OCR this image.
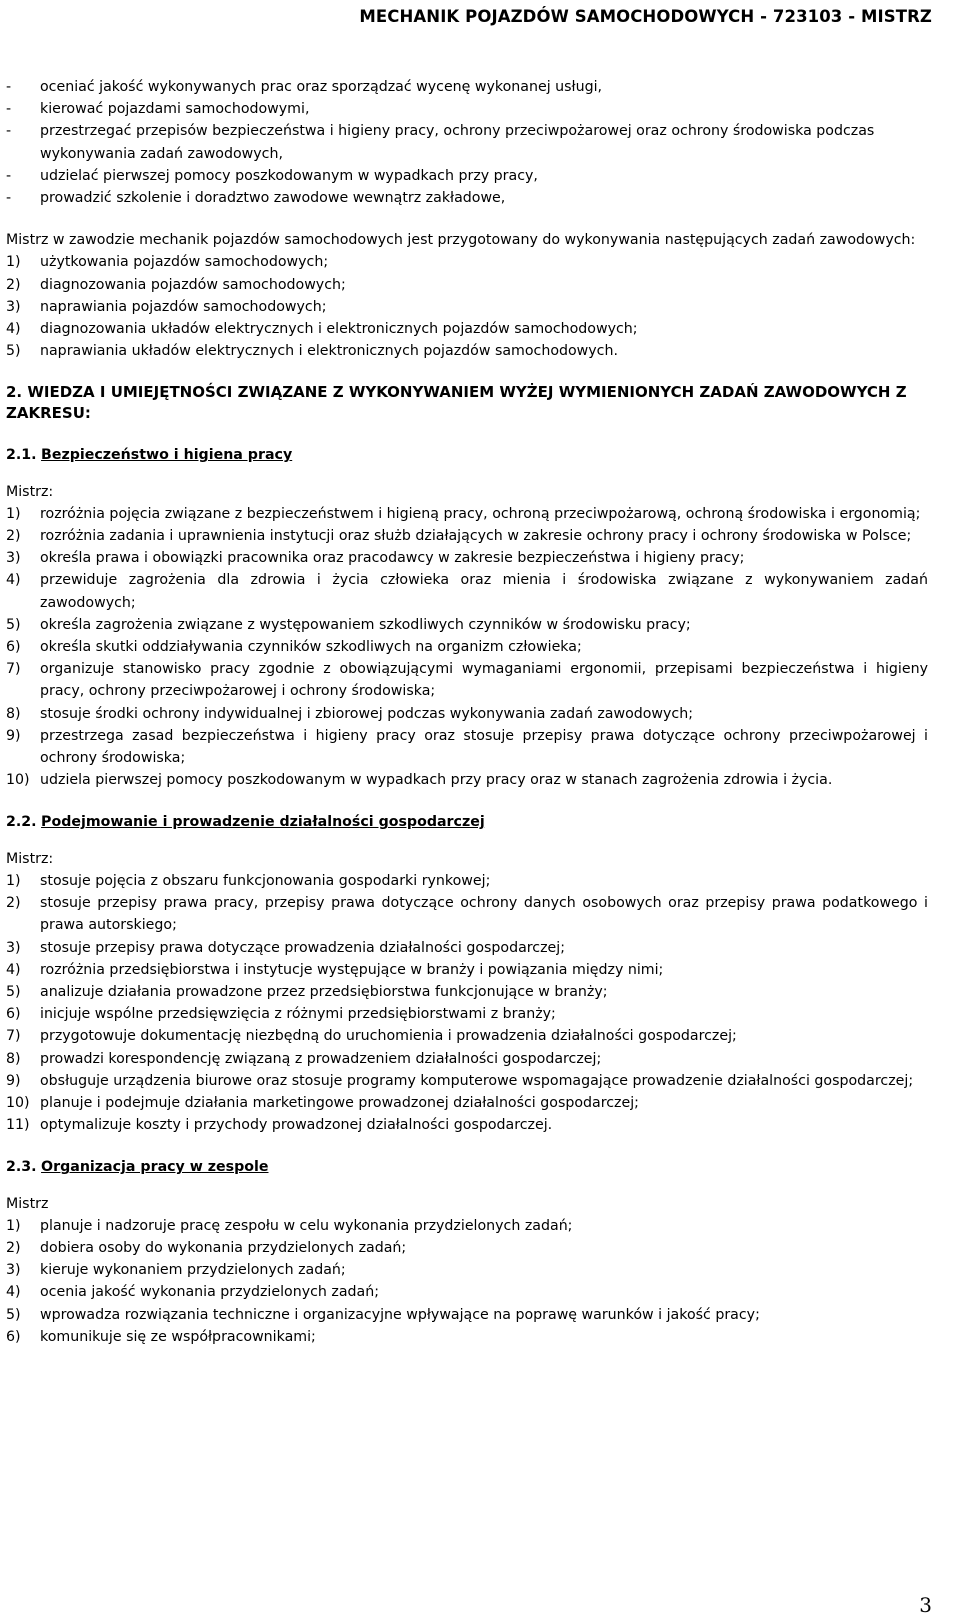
MECHANIK POJAZDÓW SAMOCHODOWYCH - 723103 - MISTRZ
-	oceniać jakość wykonywanych prac oraz sporządzać wycenę wykonanej usługi,
-	kierować pojazdami samochodowymi,
-	przestrzegać przepisów bezpieczeństwa i higieny pracy, ochrony przeciwpożarowej oraz ochrony środowiska podczas wykonywania zadań zawodowych,
-	udzielać pierwszej pomocy poszkodowanym w wypadkach przy pracy,
-	prowadzić szkolenie i doradztwo zawodowe wewnątrz zakładowe,

Mistrz w zawodzie mechanik pojazdów samochodowych jest przygotowany do wykonywania następujących zadań zawodowych:

1)	użytkowania pojazdów samochodowych;
2)	diagnozowania pojazdów samochodowych;
3)	naprawiania pojazdów samochodowych;
4)	diagnozowania układów elektrycznych i elektronicznych pojazdów samochodowych;
5)	naprawiania układów elektrycznych i elektronicznych pojazdów samochodowych.

2. WIEDZA I UMIEJĘTNOŚCI ZWIĄZANE Z WYKONYWANIEM WYŻEJ WYMIENIONYCH ZADAŃ ZAWODOWYCH Z ZAKRESU:

2.1. Bezpieczeństwo i higiena pracy

Mistrz:

1)	rozróżnia pojęcia związane z bezpieczeństwem i higieną pracy, ochroną przeciwpożarową, ochroną środowiska i ergonomią;
2)	rozróżnia zadania i uprawnienia instytucji oraz służb działających w zakresie ochrony pracy i ochrony środowiska w Polsce;
3)	określa prawa i obowiązki pracownika oraz pracodawcy w zakresie bezpieczeństwa i higieny pracy;
4)	przewiduje zagrożenia dla zdrowia i życia człowieka oraz mienia i środowiska związane z wykonywaniem zadań zawodowych;
5)	określa zagrożenia związane z występowaniem szkodliwych czynników w środowisku pracy;
6)	określa skutki oddziaływania czynników szkodliwych na organizm człowieka;
7)	organizuje stanowisko pracy zgodnie z obowiązującymi wymaganiami ergonomii, przepisami bezpieczeństwa i higieny pracy, ochrony przeciwpożarowej i ochrony środowiska;
8)	stosuje środki ochrony indywidualnej i zbiorowej podczas wykonywania zadań zawodowych;
9)	przestrzega zasad bezpieczeństwa i higieny pracy oraz stosuje przepisy prawa dotyczące ochrony przeciwpożarowej i ochrony środowiska;
10) udziela pierwszej pomocy poszkodowanym w wypadkach przy pracy oraz w stanach zagrożenia zdrowia i życia.

2.2. Podejmowanie i prowadzenie działalności gospodarczej

Mistrz:

1)	stosuje pojęcia z obszaru funkcjonowania gospodarki rynkowej;
2)	stosuje przepisy prawa pracy, przepisy prawa dotyczące ochrony danych osobowych oraz przepisy prawa podatkowego i prawa autorskiego;
3)	stosuje przepisy prawa dotyczące prowadzenia działalności gospodarczej;
4)	rozróżnia przedsiębiorstwa i instytucje występujące w branży i powiązania między nimi;
5)	analizuje działania prowadzone przez przedsiębiorstwa funkcjonujące w branży;
6)	inicjuje wspólne przedsięwzięcia z różnymi przedsiębiorstwami z branży;
7)	przygotowuje dokumentację niezbędną do uruchomienia i prowadzenia działalności gospodarczej;
8)	prowadzi korespondencję związaną z prowadzeniem działalności gospodarczej;
9)	obsługuje urządzenia biurowe oraz stosuje programy komputerowe wspomagające prowadzenie działalności gospodarczej;
10) planuje i podejmuje działania marketingowe prowadzonej działalności gospodarczej;
11) optymalizuje koszty i przychody prowadzonej działalności gospodarczej.

2.3. Organizacja pracy w zespole

Mistrz

1)	planuje i nadzoruje pracę zespołu w celu wykonania przydzielonych zadań;
2)	dobiera osoby do wykonania przydzielonych zadań;
3)	kieruje wykonaniem przydzielonych zadań;
4)	ocenia jakość wykonania przydzielonych zadań;
5)	wprowadza rozwiązania techniczne i organizacyjne wpływające na poprawę warunków i jakość pracy;
6)	komunikuje się ze współpracownikami;
3
